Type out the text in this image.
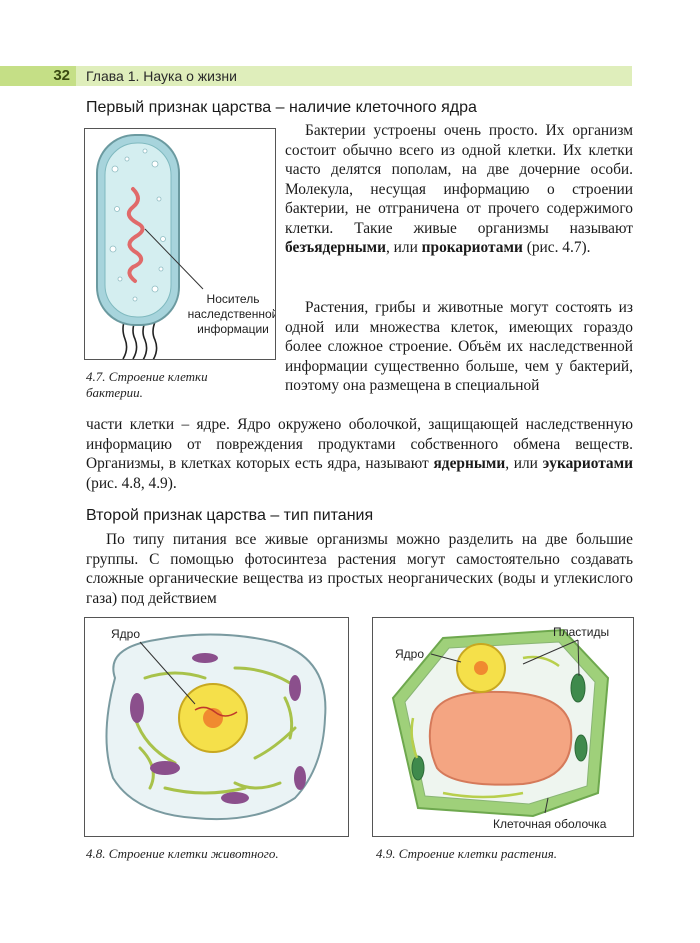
32	Глава 1. Наука о жизни
Первый признак царства – наличие клеточного ядра
Носитель
наследственной
информации
4.7. Строение клетки бактерии.

Бактерии устроены очень просто. Их организм состоит обычно всего из одной клетки. Их клетки часто делятся пополам, на две дочерние особи. Молекула, несущая информацию о строении бактерии, не отграничена от прочего содержимого клетки. Такие живые организмы называют безъядерными, или прокариотами (рис. 4.7).

Растения, грибы и животные могут состоять из одной или множества клеток, имеющих гораздо более сложное строение. Объём их наследственной информации существенно больше, чем у бактерий, поэтому она размещена в специальной

части клетки – ядре. Ядро окружено оболочкой, защищающей наследственную информацию от повреждения продуктами собственного обмена веществ. Организмы, в клетках которых есть ядра, называют ядерными, или эукариотами (рис. 4.8, 4.9).

Второй признак царства – тип питания

По типу питания все живые организмы можно разделить на две большие группы. С помощью фотосинтеза растения могут самостоятельно создавать сложные органические вещества из простых неорганических (воды и углекислого газа) под действием

Ядро
4.8. Строение клетки животного.
Ядро
Пластиды
Клеточная оболочка
4.9. Строение клетки растения.
